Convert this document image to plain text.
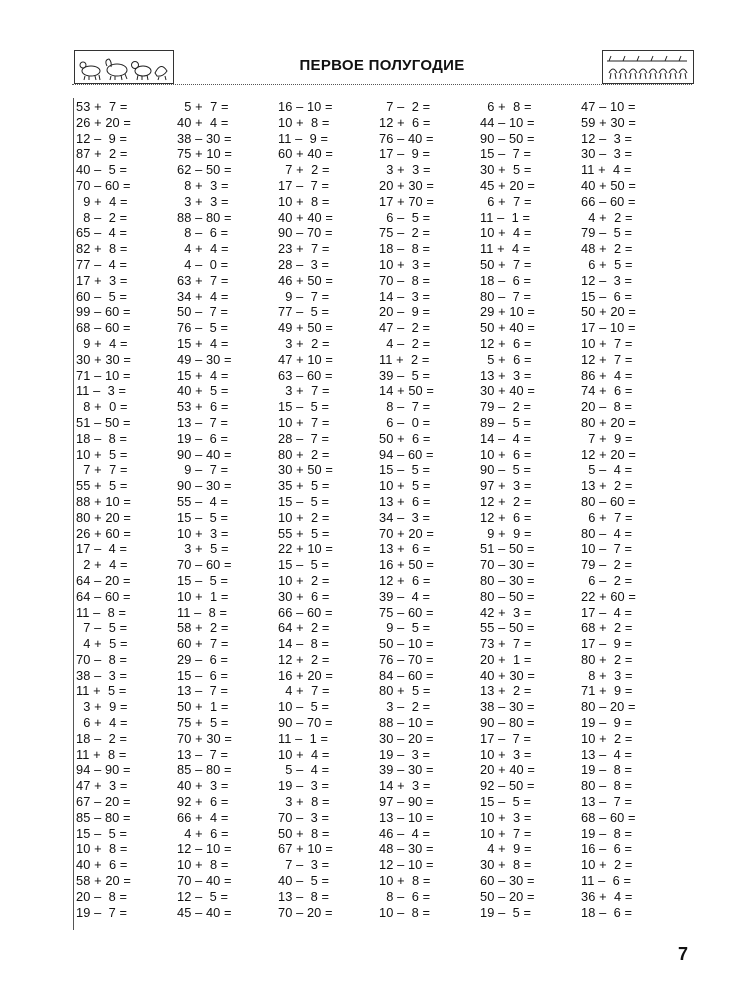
ПЕРВОЕ ПОЛУГОДИЕ
53 +  7 =	5 +  7 =	16 – 10 =	7 –  2 =	6 +  8 =	47 – 10 =
26 + 20 =	40 +  4 =	10 +  8 =	12 +  6 =	44 – 10 =	59 + 30 =
12 –  9 =	38 – 30 =	11 –  9 =	76 – 40 =	90 – 50 =	12 –  3 =
87 +  2 =	75 + 10 =	60 + 40 =	17 –  9 =	15 –  7 =	30 –  3 =
40 –  5 =	62 – 50 =	7 +  2 =	3 +  3 =	30 +  5 =	11 +  4 =
70 – 60 =	8 +  3 =	17 –  7 =	20 + 30 =	45 + 20 =	40 + 50 =
9 +  4 =	3 +  3 =	10 +  8 =	17 + 70 =	6 +  7 =	66 – 60 =
8 –  2 =	88 – 80 =	40 + 40 =	6 –  5 =	11 –  1 =	4 +  2 =
65 –  4 =	8 –  6 =	90 – 70 =	75 –  2 =	10 +  4 =	79 –  5 =
82 +  8 =	4 +  4 =	23 +  7 =	18 –  8 =	11 +  4 =	48 +  2 =
77 –  4 =	4 –  0 =	28 –  3 =	10 +  3 =	50 +  7 =	6 +  5 =
17 +  3 =	63 +  7 =	46 + 50 =	70 –  8 =	18 –  6 =	12 –  3 =
60 –  5 =	34 +  4 =	9 –  7 =	14 –  3 =	80 –  7 =	15 –  6 =
99 – 60 =	50 –  7 =	77 –  5 =	20 –  9 =	29 + 10 =	50 + 20 =
68 – 60 =	76 –  5 =	49 + 50 =	47 –  2 =	50 + 40 =	17 – 10 =
9 +  4 =	15 +  4 =	3 +  2 =	4 –  2 =	12 +  6 =	10 +  7 =
30 + 30 =	49 – 30 =	47 + 10 =	11 +  2 =	5 +  6 =	12 +  7 =
71 – 10 =	15 +  4 =	63 – 60 =	39 –  5 =	13 +  3 =	86 +  4 =
11 –  3 =	40 +  5 =	3 +  7 =	14 + 50 =	30 + 40 =	74 +  6 =
8 +  0 =	53 +  6 =	15 –  5 =	8 –  7 =	79 –  2 =	20 –  8 =
51 – 50 =	13 –  7 =	10 +  7 =	6 –  0 =	89 –  5 =	80 + 20 =
18 –  8 =	19 –  6 =	28 –  7 =	50 +  6 =	14 –  4 =	7 +  9 =
10 +  5 =	90 – 40 =	80 +  2 =	94 – 60 =	10 +  6 =	12 + 20 =
7 +  7 =	9 –  7 =	30 + 50 =	15 –  5 =	90 –  5 =	5 –  4 =
55 +  5 =	90 – 30 =	35 +  5 =	10 +  5 =	97 +  3 =	13 +  2 =
88 + 10 =	55 –  4 =	15 –  5 =	13 +  6 =	12 +  2 =	80 – 60 =
80 + 20 =	15 –  5 =	10 +  2 =	34 –  3 =	12 +  6 =	6 +  7 =
26 + 60 =	10 +  3 =	55 +  5 =	70 + 20 =	9 +  9 =	80 –  4 =
17 –  4 =	3 +  5 =	22 + 10 =	13 +  6 =	51 – 50 =	10 –  7 =
2 +  4 =	70 – 60 =	15 –  5 =	16 + 50 =	70 – 30 =	79 –  2 =
64 – 20 =	15 –  5 =	10 +  2 =	12 +  6 =	80 – 30 =	6 –  2 =
64 – 60 =	10 +  1 =	30 +  6 =	39 –  4 =	80 – 50 =	22 + 60 =
11 –  8 =	11 –  8 =	66 – 60 =	75 – 60 =	42 +  3 =	17 –  4 =
7 –  5 =	58 +  2 =	64 +  2 =	9 –  5 =	55 – 50 =	68 +  2 =
4 +  5 =	60 +  7 =	14 –  8 =	50 – 10 =	73 +  7 =	17 –  9 =
70 –  8 =	29 –  6 =	12 +  2 =	76 – 70 =	20 +  1 =	80 +  2 =
38 –  3 =	15 –  6 =	16 + 20 =	84 – 60 =	40 + 30 =	8 +  3 =
11 +  5 =	13 –  7 =	4 +  7 =	80 +  5 =	13 +  2 =	71 +  9 =
3 +  9 =	50 +  1 =	10 –  5 =	3 –  2 =	38 – 30 =	80 – 20 =
6 +  4 =	75 +  5 =	90 – 70 =	88 – 10 =	90 – 80 =	19 –  9 =
18 –  2 =	70 + 30 =	11 –  1 =	30 – 20 =	17 –  7 =	10 +  2 =
11 +  8 =	13 –  7 =	10 +  4 =	19 –  3 =	10 +  3 =	13 –  4 =
94 – 90 =	85 – 80 =	5 –  4 =	39 – 30 =	20 + 40 =	19 –  8 =
47 +  3 =	40 +  3 =	19 –  3 =	14 +  3 =	92 – 50 =	80 –  8 =
67 – 20 =	92 +  6 =	3 +  8 =	97 – 90 =	15 –  5 =	13 –  7 =
85 – 80 =	66 +  4 =	70 –  3 =	13 – 10 =	10 +  3 =	68 – 60 =
15 –  5 =	4 +  6 =	50 +  8 =	46 –  4 =	10 +  7 =	19 –  8 =
10 +  8 =	12 – 10 =	67 + 10 =	48 – 30 =	4 +  9 =	16 –  6 =
40 +  6 =	10 +  8 =	7 –  3 =	12 – 10 =	30 +  8 =	10 +  2 =
58 + 20 =	70 – 40 =	40 –  5 =	10 +  8 =	60 – 30 =	11 –  6 =
20 –  8 =	12 –  5 =	13 –  8 =	8 –  6 =	50 – 20 =	36 +  4 =
19 –  7 =	45 – 40 =	70 – 20 =	10 –  8 =	19 –  5 =	18 –  6 =
7
